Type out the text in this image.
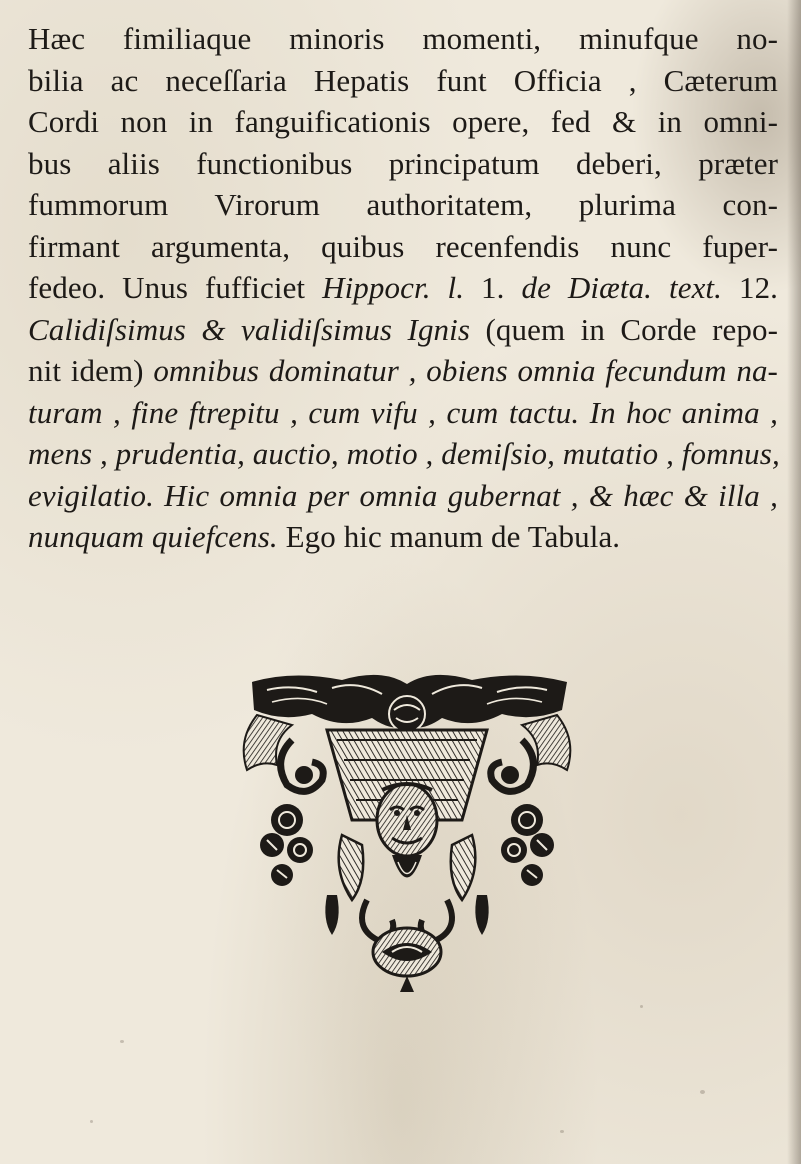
Hæc fimiliaque minoris momenti, minufque no-
bilia ac neceſſaria Hepatis funt Officia , Cæterum
Cordi non in fanguificationis opere, fed & in omni-
bus aliis functionibus principatum deberi, præter
fummorum Virorum authoritatem, plurima con-
firmant argumenta, quibus recenfendis nunc fuper-
fedeo. Unus fufficiet Hippocr. l. 1. de Diæta. text. 12.
Calidiſsimus & validiſsimus Ignis (quem in Corde repo-
nit idem) omnibus dominatur , obiens omnia fecundum na-
turam , fine ftrepitu , cum vifu , cum tactu. In hoc anima ,
mens , prudentia, auctio, motio , demiſsio, mutatio , fomnus,
evigilatio. Hic omnia per omnia gubernat , & hæc & illa ,
nunquam quiefcens. Ego hic manum de Tabula.
